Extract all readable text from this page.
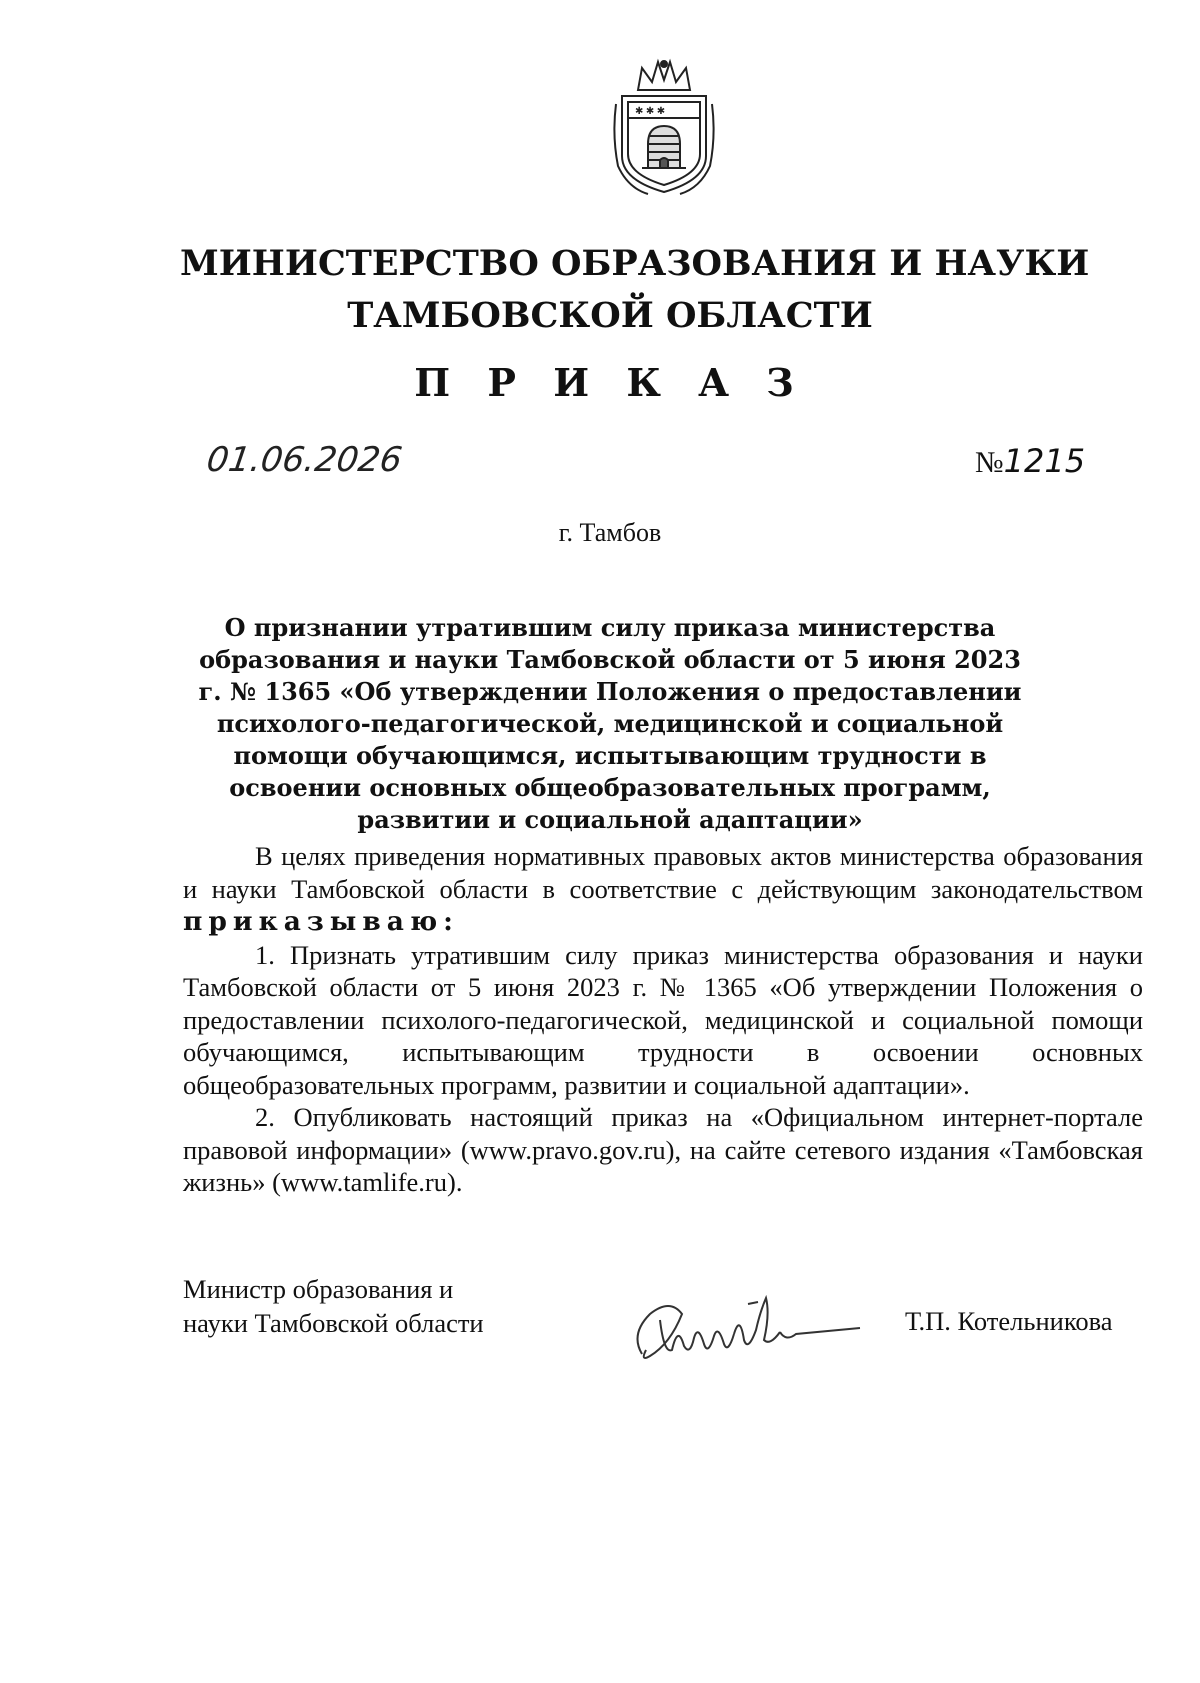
✱ ✱ ✱
МИНИСТЕРСТВО ОБРАЗОВАНИЯ И НАУКИ
ТАМБОВСКОЙ ОБЛАСТИ
П Р И К А З
01.06.2026	№1215
г. Тамбов
О признании утратившим силу приказа министерства образования и науки Тамбовской области от 5 июня 2023 г. № 1365 «Об утверждении Положения о предоставлении психолого-педагогической, медицинской и социальной помощи обучающимся, испытывающим трудности в освоении основных общеобразовательных программ, развитии и социальной адаптации»

В целях приведения нормативных правовых актов министерства образования и науки Тамбовской области в соответствие с действующим законодательством приказываю:

1. Признать утратившим силу приказ министерства образования и науки Тамбовской области от 5 июня 2023 г. № 1365 «Об утверждении Положения о предоставлении психолого-педагогической, медицинской и социальной помощи обучающимся, испытывающим трудности в освоении основных общеобразовательных программ, развитии и социальной адаптации».

2. Опубликовать настоящий приказ на «Официальном интернет-портале правовой информации» (www.pravo.gov.ru), на сайте сетевого издания «Тамбовская жизнь» (www.tamlife.ru).

Министр образования и
науки Тамбовской области	Т.П. Котельникова
